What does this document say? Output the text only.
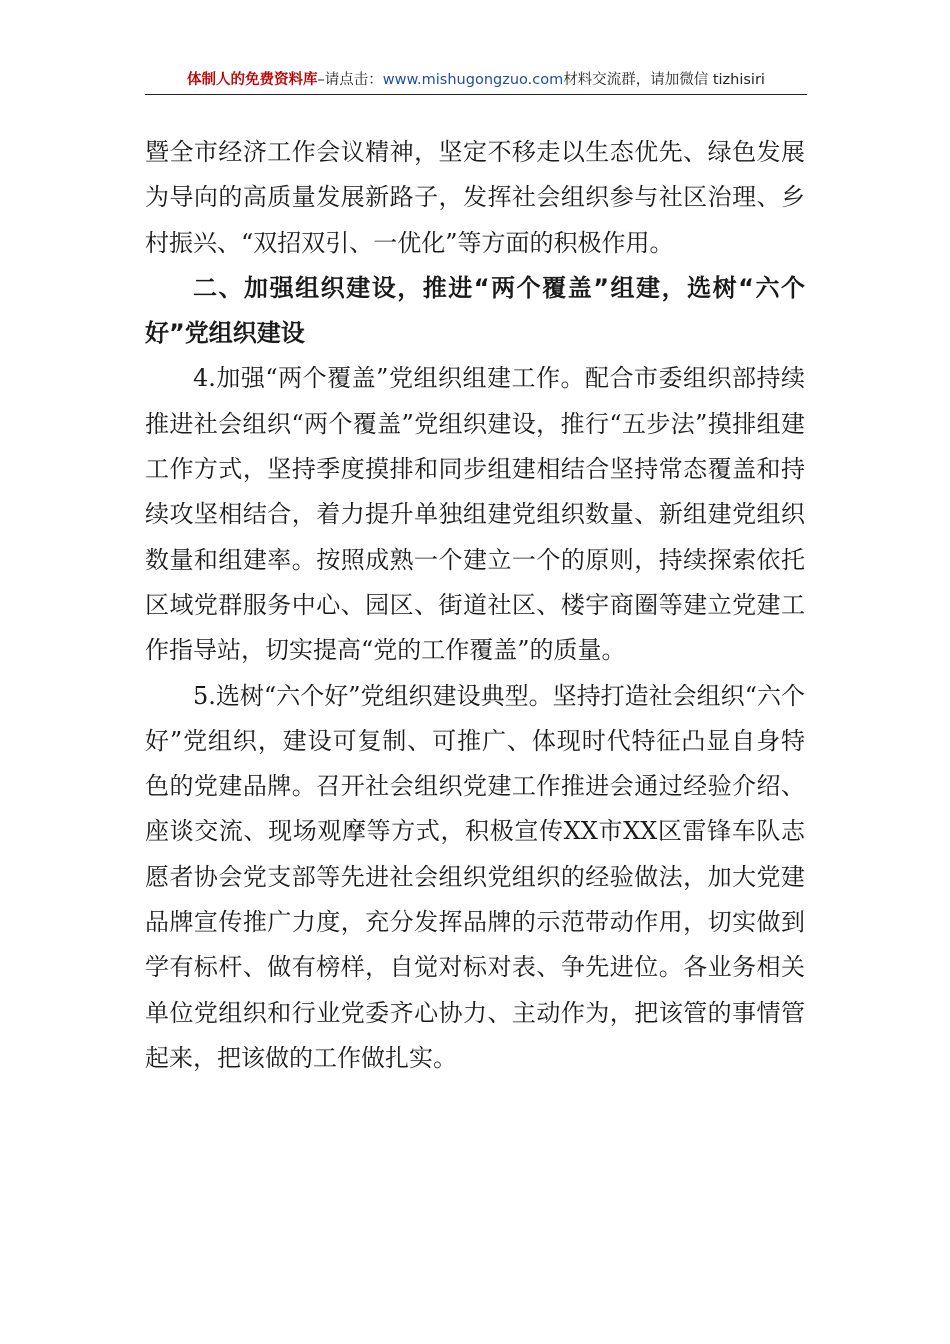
体制人的免费资料库–请点击：www.mishugongzuo.com材料交流群，请加微信 tizhisiri

暨全市经济工作会议精神，坚定不移走以生态优先、绿色发展为导向的高质量发展新路子，发挥社会组织参与社区治理、乡村振兴、“双招双引、一优化”等方面的积极作用。

二、加强组织建设，推进“两个覆盖”组建，选树“六个好”党组织建设

4.加强“两个覆盖”党组织组建工作。配合市委组织部持续推进社会组织“两个覆盖”党组织建设，推行“五步法”摸排组建工作方式，坚持季度摸排和同步组建相结合坚持常态覆盖和持续攻坚相结合，着力提升单独组建党组织数量、新组建党组织数量和组建率。按照成熟一个建立一个的原则，持续探索依托区域党群服务中心、园区、街道社区、楼宇商圈等建立党建工作指导站，切实提高“党的工作覆盖”的质量。

5.选树“六个好”党组织建设典型。坚持打造社会组织“六个好”党组织，建设可复制、可推广、体现时代特征凸显自身特色的党建品牌。召开社会组织党建工作推进会通过经验介绍、座谈交流、现场观摩等方式，积极宣传XX市XX区雷锋车队志愿者协会党支部等先进社会组织党组织的经验做法，加大党建品牌宣传推广力度，充分发挥品牌的示范带动作用，切实做到学有标杆、做有榜样，自觉对标对表、争先进位。各业务相关单位党组织和行业党委齐心协力、主动作为，把该管的事情管起来，把该做的工作做扎实。
